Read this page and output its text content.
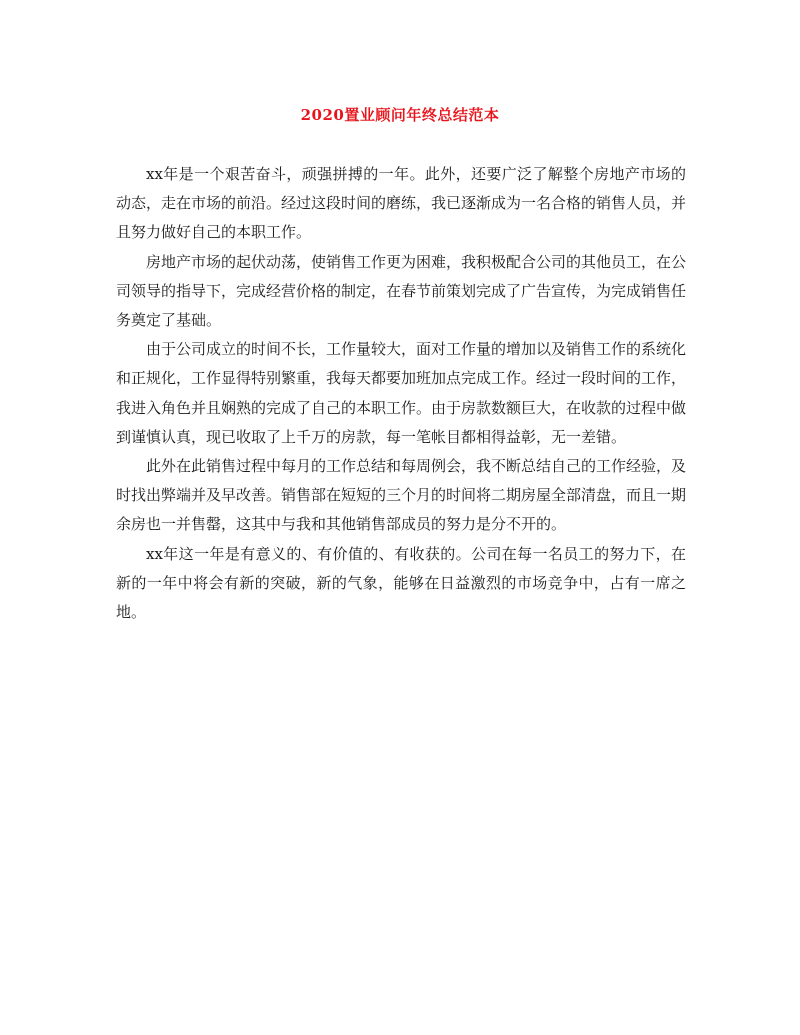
2020置业顾问年终总结范本

xx年是一个艰苦奋斗，顽强拼搏的一年。此外，还要广泛了解整个房地产市场的动态，走在市场的前沿。经过这段时间的磨练，我已逐渐成为一名合格的销售人员，并且努力做好自己的本职工作。

房地产市场的起伏动荡，使销售工作更为困难，我积极配合公司的其他员工，在公司领导的指导下，完成经营价格的制定，在春节前策划完成了广告宣传，为完成销售任务奠定了基础。

由于公司成立的时间不长，工作量较大，面对工作量的增加以及销售工作的系统化和正规化，工作显得特别繁重，我每天都要加班加点完成工作。经过一段时间的工作，我进入角色并且娴熟的完成了自己的本职工作。由于房款数额巨大，在收款的过程中做到谨慎认真，现已收取了上千万的房款，每一笔帐目都相得益彰，无一差错。

此外在此销售过程中每月的工作总结和每周例会，我不断总结自己的工作经验，及时找出弊端并及早改善。销售部在短短的三个月的时间将二期房屋全部清盘，而且一期余房也一并售罄，这其中与我和其他销售部成员的努力是分不开的。

xx年这一年是有意义的、有价值的、有收获的。公司在每一名员工的努力下，在新的一年中将会有新的突破，新的气象，能够在日益激烈的市场竞争中，占有一席之地。
